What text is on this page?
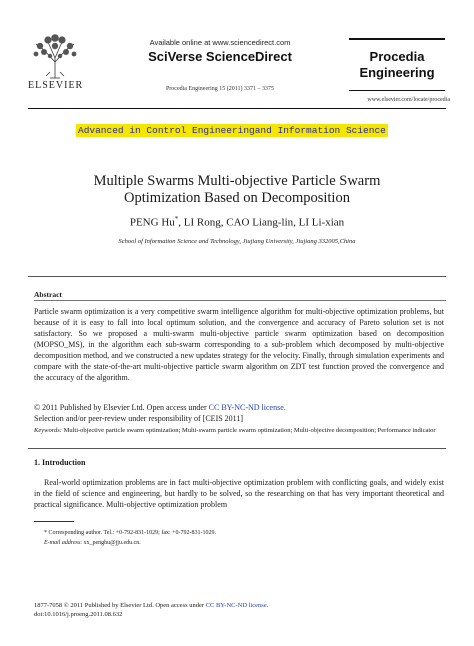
ELSEVIER
Available online at www.sciencedirect.com
SciVerse ScienceDirect
Procedia Engineering 15 (2011) 3371 – 3375
Procedia
Engineering
www.elsevier.com/locate/procedia
Advanced in Control Engineeringand Information Science
Multiple Swarms Multi-objective Particle Swarm Optimization Based on Decomposition
PENG Hu*, LI Rong, CAO Liang-lin, LI Li-xian
School of Information Science and Technology, Jiujiang University, Jiujiang 332005,China
Abstract
Particle swarm optimization is a very competitive swarm intelligence algorithm for multi-objective optimization problems, but because of it is easy to fall into local optimum solution, and the convergence and accuracy of Pareto solution set is not satisfactory. So we proposed a multi-swarm multi-objective particle swarm optimization based on decomposition (MOPSO_MS), in the algorithm each sub-swarm corresponding to a sub-problem which decomposed by multi-objective decomposition method, and we constructed a new updates strategy for the velocity. Finally, through simulation experiments and compare with the state-of-the-art multi-objective particle swarm algorithm on ZDT test function proved the convergence and the accuracy of the algorithm.
© 2011 Published by Elsevier Ltd. Open access under CC BY-NC-ND license.
Selection and/or peer-review under responsibility of [CEIS 2011]
Keywords: Multi-objective particle swarm optimization; Multi-swarm particle swarm optimization; Multi-objective decomposition; Performance indicator
1. Introduction
Real-world optimization problems are in fact multi-objective optimization problem with conflicting goals, and widely exist in the field of science and engineering, but hardly to be solved, so the researching on that has very important theoretical and practical significance. Multi-objective optimization problem
* Corresponding author. Tel.: +0-792-831-1029; fax: +0-792-831-1029.
E-mail address: xx_penghu@jju.edu.cn.
1877-7058 © 2011 Published by Elsevier Ltd. Open access under CC BY-NC-ND license.
doi:10.1016/j.proeng.2011.08.632
